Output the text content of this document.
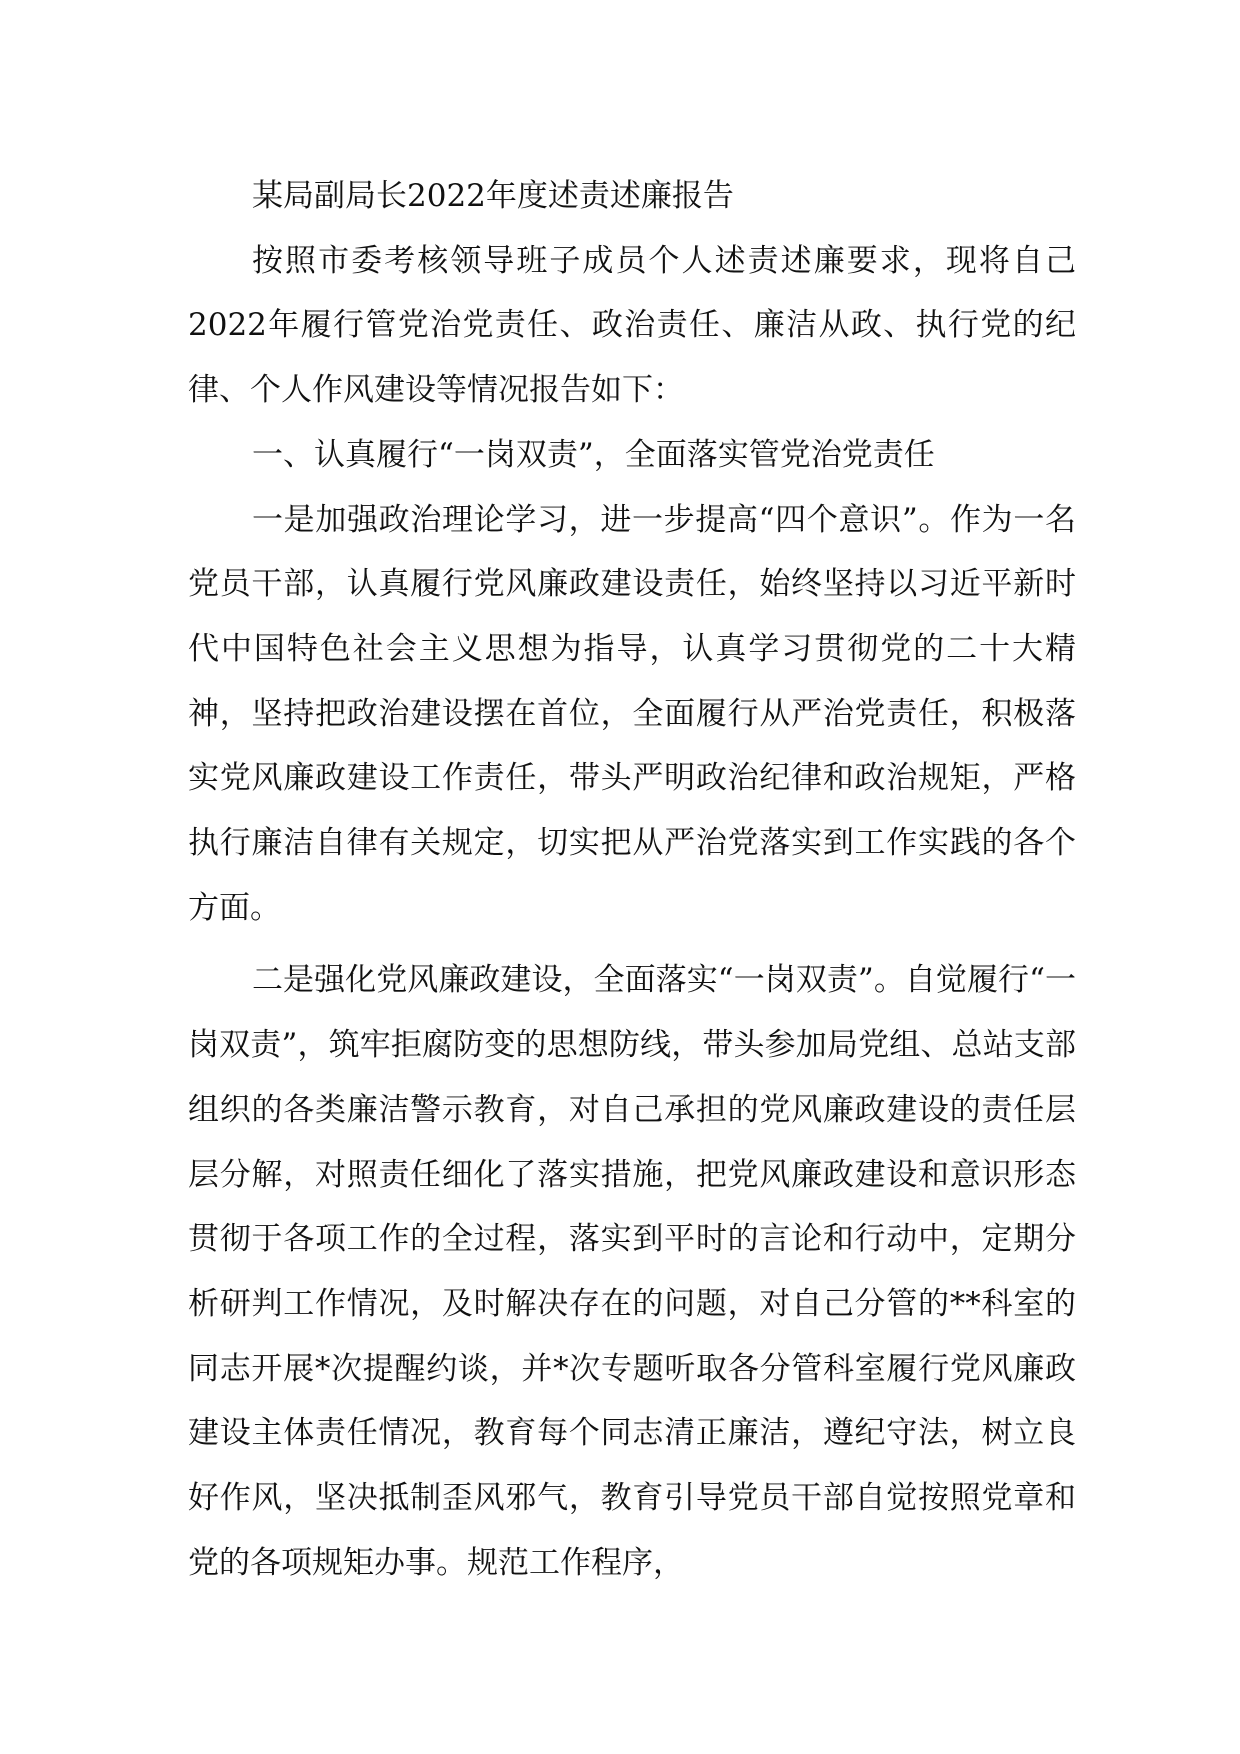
某局副局长2022年度述责述廉报告

按照市委考核领导班子成员个人述责述廉要求，现将自己2022年履行管党治党责任、政治责任、廉洁从政、执行党的纪律、个人作风建设等情况报告如下：

一、认真履行“一岗双责”，全面落实管党治党责任

一是加强政治理论学习，进一步提高“四个意识”。作为一名党员干部，认真履行党风廉政建设责任，始终坚持以习近平新时代中国特色社会主义思想为指导，认真学习贯彻党的二十大精神，坚持把政治建设摆在首位，全面履行从严治党责任，积极落实党风廉政建设工作责任，带头严明政治纪律和政治规矩，严格执行廉洁自律有关规定，切实把从严治党落实到工作实践的各个方面。

二是强化党风廉政建设，全面落实“一岗双责”。自觉履行“一岗双责”，筑牢拒腐防变的思想防线，带头参加局党组、总站支部组织的各类廉洁警示教育，对自己承担的党风廉政建设的责任层层分解，对照责任细化了落实措施，把党风廉政建设和意识形态贯彻于各项工作的全过程，落实到平时的言论和行动中，定期分析研判工作情况，及时解决存在的问题，对自己分管的**科室的同志开展*次提醒约谈，并*次专题听取各分管科室履行党风廉政建设主体责任情况，教育每个同志清正廉洁，遵纪守法，树立良好作风，坚决抵制歪风邪气，教育引导党员干部自觉按照党章和党的各项规矩办事。规范工作程序，
